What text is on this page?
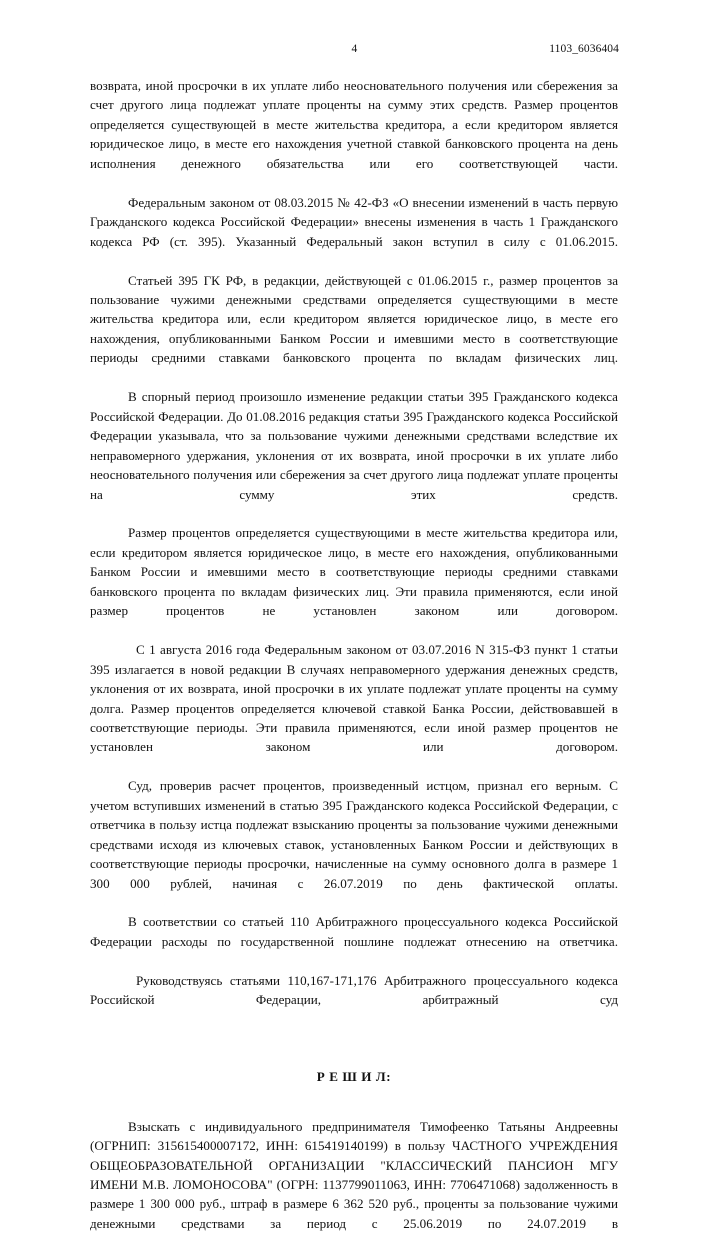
4	1103_6036404

возврата, иной просрочки в их уплате либо неосновательного получения или сбережения за счет другого лица подлежат уплате проценты на сумму этих средств. Размер процентов определяется существующей в месте жительства кредитора, а если кредитором является юридическое лицо, в месте его нахождения учетной ставкой банковского процента на день исполнения денежного обязательства или его соответствующей части.

Федеральным законом от 08.03.2015 № 42-ФЗ «О внесении изменений в часть первую Гражданского кодекса Российской Федерации» внесены изменения в часть 1 Гражданского кодекса РФ (ст. 395). Указанный Федеральный закон вступил в силу с 01.06.2015.

Статьей 395 ГК РФ, в редакции, действующей с 01.06.2015 г., размер процентов за пользование чужими денежными средствами определяется существующими в месте жительства кредитора или, если кредитором является юридическое лицо, в месте его нахождения, опубликованными Банком России и имевшими место в соответствующие периоды средними ставками банковского процента по вкладам физических лиц.

В спорный период произошло изменение редакции статьи 395 Гражданского кодекса Российской Федерации. До 01.08.2016 редакция статьи 395 Гражданского кодекса Российской Федерации указывала, что за пользование чужими денежными средствами вследствие их неправомерного удержания, уклонения от их возврата, иной просрочки в их уплате либо неосновательного получения или сбережения за счет другого лица подлежат уплате проценты на сумму этих средств.

Размер процентов определяется существующими в месте жительства кредитора или, если кредитором является юридическое лицо, в месте его нахождения, опубликованными Банком России и имевшими место в соответствующие периоды средними ставками банковского процента по вкладам физических лиц. Эти правила применяются, если иной размер процентов не установлен законом или договором.

С 1 августа 2016 года Федеральным законом от 03.07.2016 N 315-ФЗ пункт 1 статьи 395 излагается в новой редакции В случаях неправомерного удержания денежных средств, уклонения от их возврата, иной просрочки в их уплате подлежат уплате проценты на сумму долга. Размер процентов определяется ключевой ставкой Банка России, действовавшей в соответствующие периоды. Эти правила применяются, если иной размер процентов не установлен законом или договором.

Суд, проверив расчет процентов, произведенный истцом, признал его верным. С учетом вступивших изменений в статью 395 Гражданского кодекса Российской Федерации, с ответчика в пользу истца подлежат взысканию проценты за пользование чужими денежными средствами исходя из ключевых ставок, установленных Банком России и действующих в соответствующие периоды просрочки, начисленные на сумму основного долга в размере 1 300 000 рублей, начиная с 26.07.2019 по день фактической оплаты.

В соответствии со статьей 110 Арбитражного процессуального кодекса Российской Федерации расходы по государственной пошлине подлежат отнесению на ответчика.

Руководствуясь статьями 110,167-171,176 Арбитражного процессуального кодекса Российской Федерации, арбитражный суд

Р Е Ш И Л:

Взыскать с индивидуального предпринимателя Тимофеенко Татьяны Андреевны (ОГРНИП: 315615400007172, ИНН: 615419140199) в пользу ЧАСТНОГО УЧРЕЖДЕНИЯ ОБЩЕОБРАЗОВАТЕЛЬНОЙ ОРГАНИЗАЦИИ "КЛАССИЧЕСКИЙ ПАНСИОН МГУ ИМЕНИ М.В. ЛОМОНОСОВА" (ОГРН: 1137799011063, ИНН: 7706471068) задолженность в размере 1 300 000 руб., штраф в размере 6 362 520 руб., проценты за пользование чужими денежными средствами за период с 25.06.2019 по 24.07.2019 в
